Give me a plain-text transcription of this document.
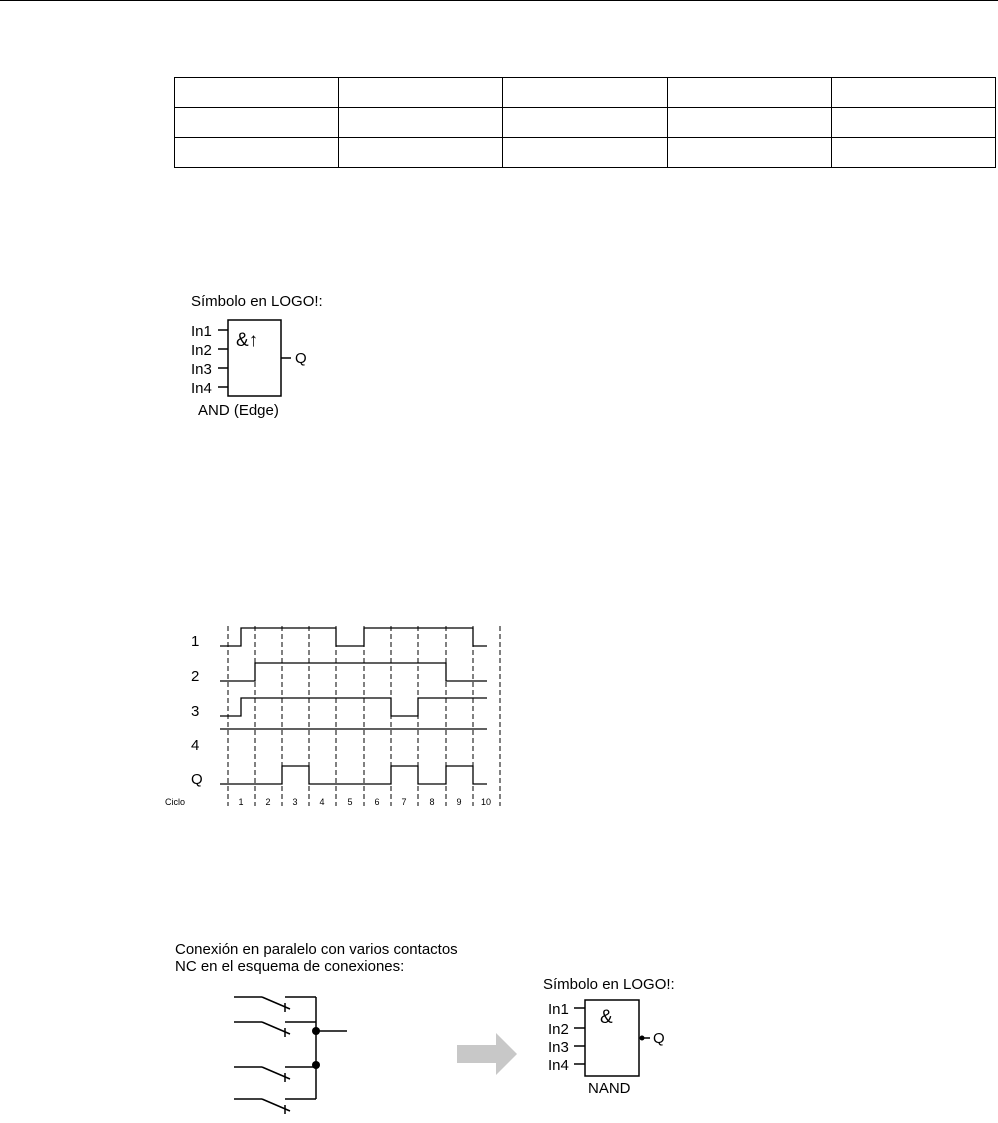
Símbolo en LOGO!:
In1
In2
In3
In4
&↑
Q
AND (Edge)
1
2
3
4
Q
Ciclo	1 2 3 4	5 6 7	8 9 10
Conexión en paralelo con varios contactos
NC en el esquema de conexiones:
Símbolo en LOGO!:
In1
In2
In3
In4
&
Q
NAND
